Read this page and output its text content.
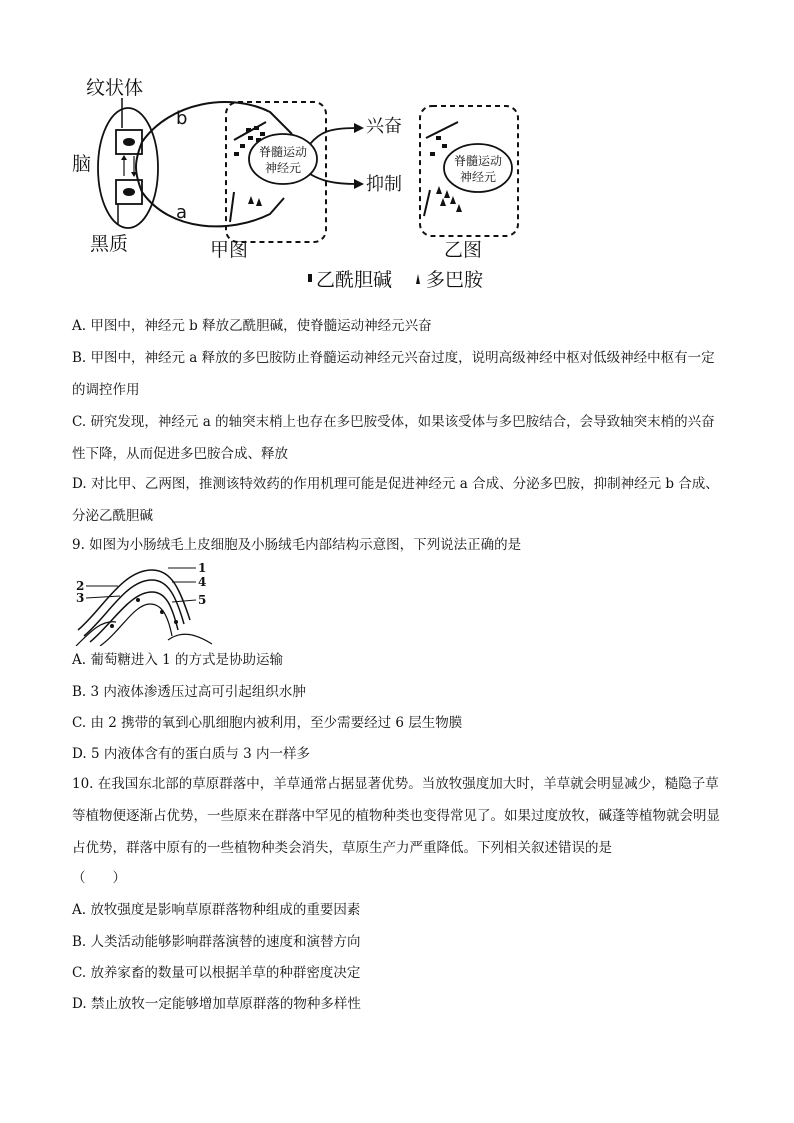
纹状体
脑
黑质
b
a
脊髓运动
神经元
兴奋
抑制
脊髓运动
神经元
甲图	乙图
乙酰胆碱 多巴胺
A. 甲图中，神经元 b 释放乙酰胆碱，使脊髓运动神经元兴奋
B. 甲图中，神经元 a 释放的多巴胺防止脊髓运动神经元兴奋过度，说明高级神经中枢对低级神经中枢有一定的调控作用
C. 研究发现，神经元 a 的轴突末梢上也存在多巴胺受体，如果该受体与多巴胺结合，会导致轴突末梢的兴奋性下降，从而促进多巴胺合成、释放
D. 对比甲、乙两图，推测该特效药的作用机理可能是促进神经元 a 合成、分泌多巴胺，抑制神经元 b 合成、分泌乙酰胆碱
9. 如图为小肠绒毛上皮细胞及小肠绒毛内部结构示意图，下列说法正确的是
1
2
3
4
5
A. 葡萄糖进入 1 的方式是协助运输
B. 3 内液体渗透压过高可引起组织水肿
C. 由 2 携带的氧到心肌细胞内被利用，至少需要经过 6 层生物膜
D. 5 内液体含有的蛋白质与 3 内一样多
10. 在我国东北部的草原群落中，羊草通常占据显著优势。当放牧强度加大时，羊草就会明显减少，糙隐子草等植物便逐渐占优势，一些原来在群落中罕见的植物种类也变得常见了。如果过度放牧，碱蓬等植物就会明显占优势，群落中原有的一些植物种类会消失，草原生产力严重降低。下列相关叙述错误的是
（　　）
A. 放牧强度是影响草原群落物种组成的重要因素
B. 人类活动能够影响群落演替的速度和演替方向
C. 放养家畜的数量可以根据羊草的种群密度决定
D. 禁止放牧一定能够增加草原群落的物种多样性
